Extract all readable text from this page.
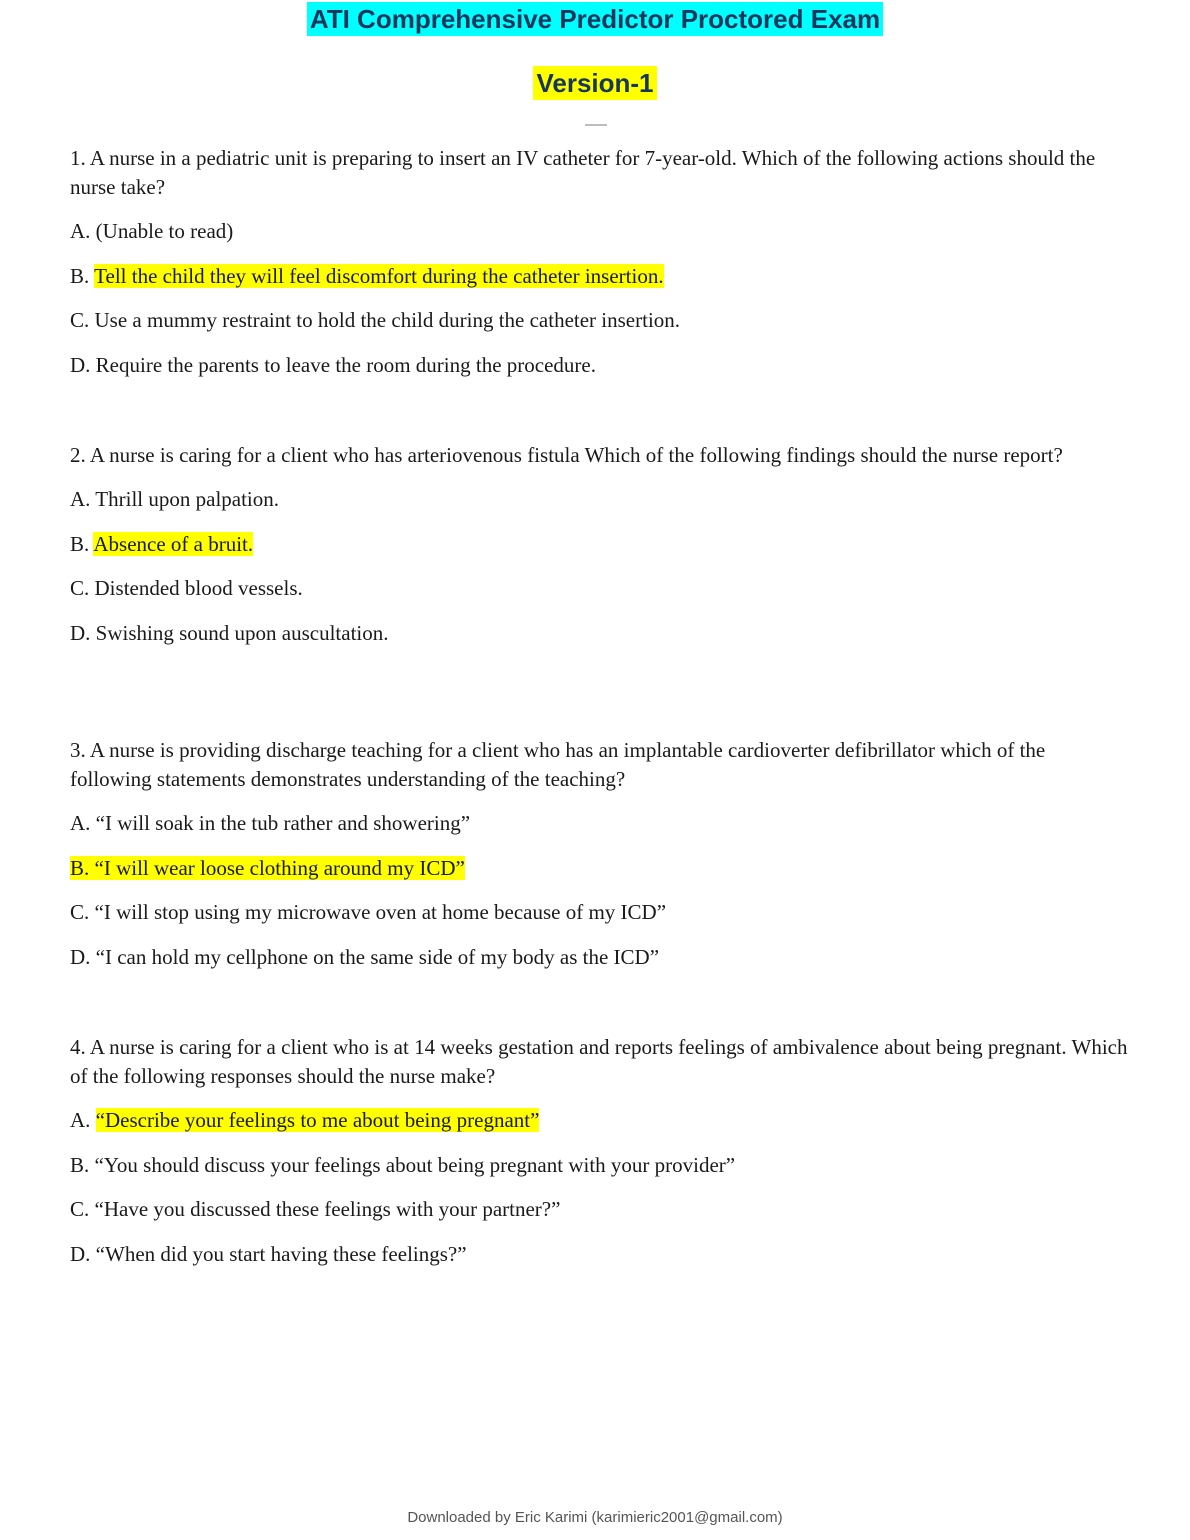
ATI Comprehensive Predictor Proctored Exam
Version-1

1. A nurse in a pediatric unit is preparing to insert an IV catheter for 7-year-old. Which of the following actions should the nurse take?

A. (Unable to read)

B. Tell the child they will feel discomfort during the catheter insertion.

C. Use a mummy restraint to hold the child during the catheter insertion.

D. Require the parents to leave the room during the procedure.

2. A nurse is caring for a client who has arteriovenous fistula Which of the following findings should the nurse report?

A. Thrill upon palpation.

B. Absence of a bruit.

C. Distended blood vessels.

D. Swishing sound upon auscultation.

3. A nurse is providing discharge teaching for a client who has an implantable cardioverter defibrillator which of the following statements demonstrates understanding of the teaching?

A. “I will soak in the tub rather and showering”

B. “I will wear loose clothing around my ICD”

C. “I will stop using my microwave oven at home because of my ICD”

D. “I can hold my cellphone on the same side of my body as the ICD”

4. A nurse is caring for a client who is at 14 weeks gestation and reports feelings of ambivalence about being pregnant. Which of the following responses should the nurse make?

A. “Describe your feelings to me about being pregnant”

B. “You should discuss your feelings about being pregnant with your provider”

C. “Have you discussed these feelings with your partner?”

D. “When did you start having these feelings?”

Downloaded by Eric Karimi (karimieric2001@gmail.com)
